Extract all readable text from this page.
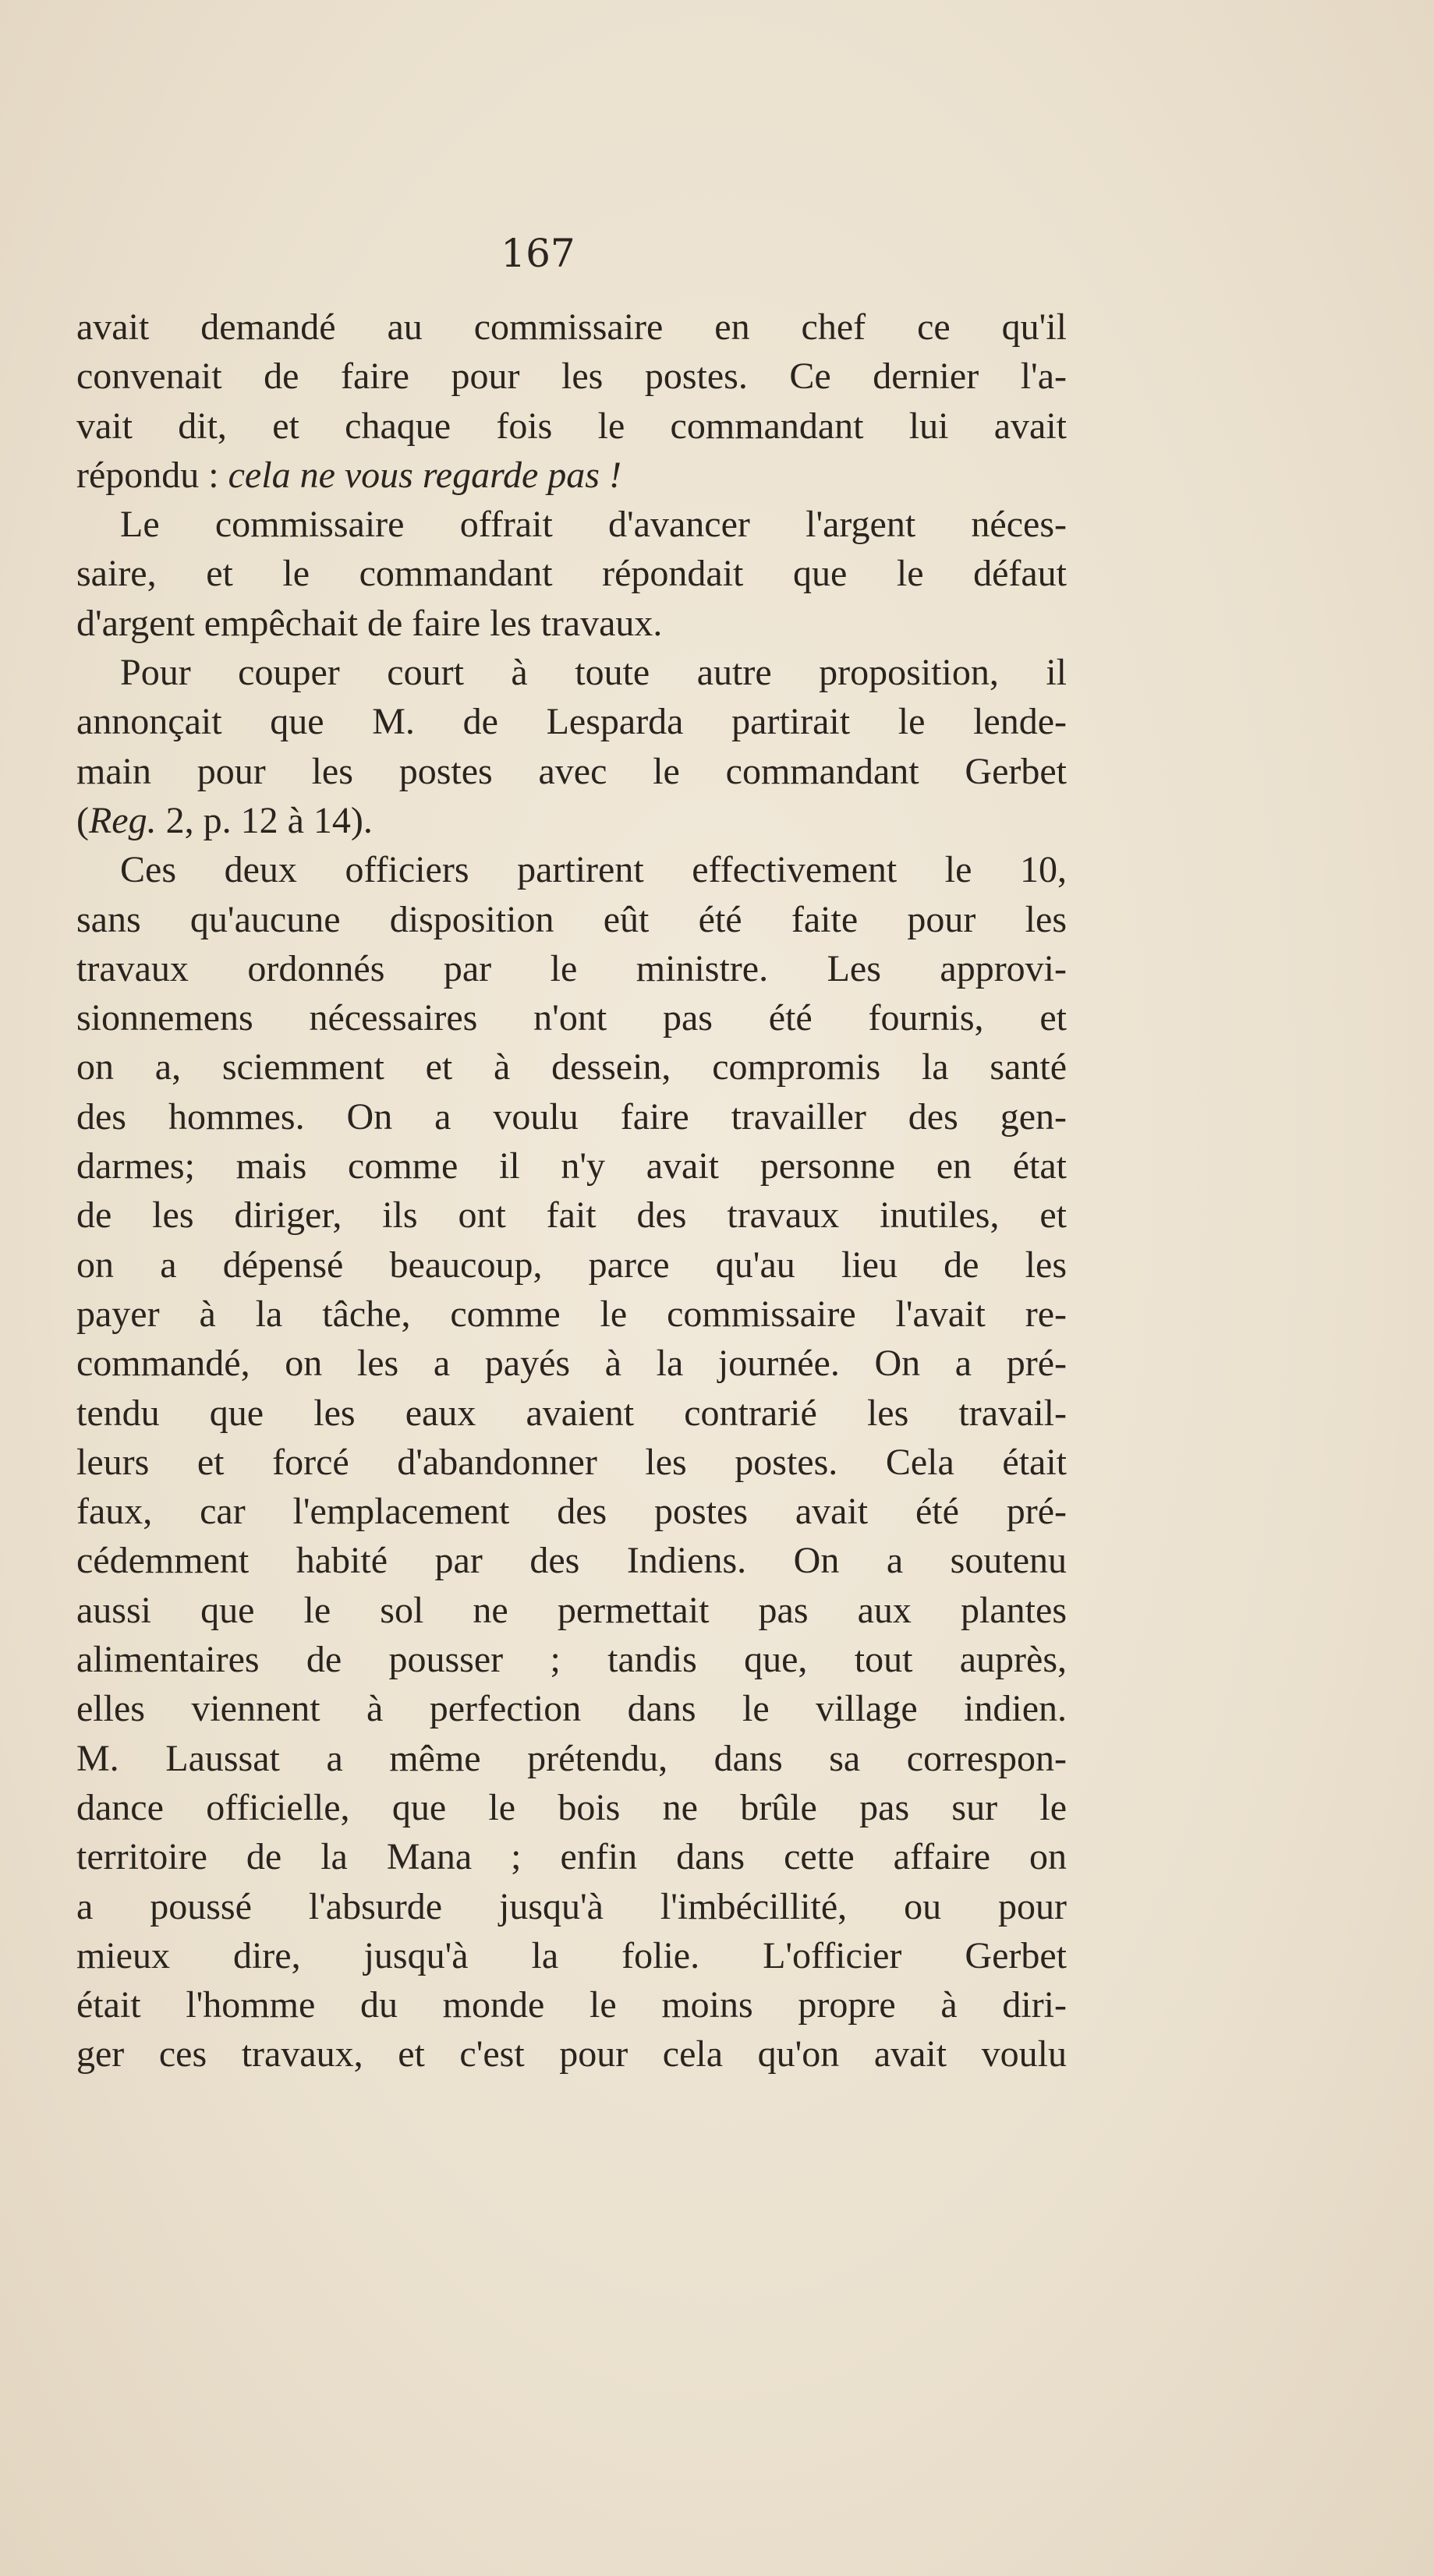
167
avait demandé au commissaire en chef ce qu'il
convenait de faire pour les postes. Ce dernier l'a-
vait dit, et chaque fois le commandant lui avait
répondu : cela ne vous regarde pas !
Le commissaire offrait d'avancer l'argent néces-
saire, et le commandant répondait que le défaut
d'argent empêchait de faire les travaux.
Pour couper court à toute autre proposition, il
annonçait que M. de Lesparda partirait le lende-
main pour les postes avec le commandant Gerbet
(Reg. 2, p. 12 à 14).
Ces deux officiers partirent effectivement le 10,
sans qu'aucune disposition eût été faite pour les
travaux ordonnés par le ministre. Les approvi-
sionnemens nécessaires n'ont pas été fournis, et
on a, sciemment et à dessein, compromis la santé
des hommes. On a voulu faire travailler des gen-
darmes; mais comme il n'y avait personne en état
de les diriger, ils ont fait des travaux inutiles, et
on a dépensé beaucoup, parce qu'au lieu de les
payer à la tâche, comme le commissaire l'avait re-
commandé, on les a payés à la journée. On a pré-
tendu que les eaux avaient contrarié les travail-
leurs et forcé d'abandonner les postes. Cela était
faux, car l'emplacement des postes avait été pré-
cédemment habité par des Indiens. On a soutenu
aussi que le sol ne permettait pas aux plantes
alimentaires de pousser ; tandis que, tout auprès,
elles viennent à perfection dans le village indien.
M. Laussat a même prétendu, dans sa correspon-
dance officielle, que le bois ne brûle pas sur le
territoire de la Mana ; enfin dans cette affaire on
a poussé l'absurde jusqu'à l'imbécillité, ou pour
mieux dire, jusqu'à la folie. L'officier Gerbet
était l'homme du monde le moins propre à diri-
ger ces travaux, et c'est pour cela qu'on avait voulu
